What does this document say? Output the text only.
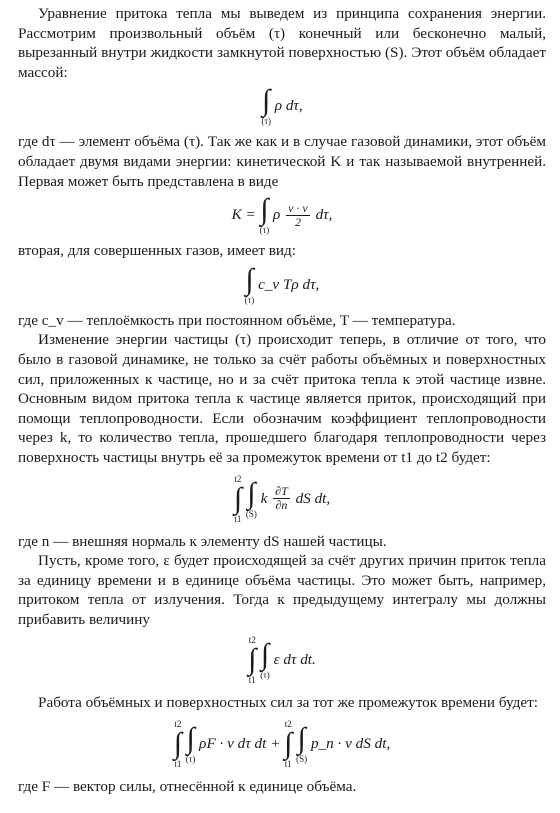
Уравнение притока тепла мы выведем из принципа сохранения энергии. Рассмотрим произвольный объём (τ) конечный или бесконечно малый, вырезанный внутри жидкости замкнутой поверхностью (S). Этот объём обладает массой:

∫
(τ)
ρ dτ,

где dτ — элемент объёма (τ). Так же как и в случае газовой динамики, этот объём обладает двумя видами энергии: кинетической K и так называемой внутренней. Первая может быть представлена в виде

K = ∫
(τ)
ρ $\frac{v \cdot v}{2} d\tau$,

вторая, для совершенных газов, имеет вид:

∫
(τ)
c_v Tρ dτ,

где c_v — теплоёмкость при постоянном объёме, T — температура.

Изменение энергии частицы (τ) происходит теперь, в отличие от того, что было в газовой динамике, не только за счёт работы объёмных и поверхностных сил, приложенных к частице, но и за счёт притока тепла к этой частице извне. Основным видом притока тепла к частице является приток, происходящий при помощи теплопроводности. Если обозначим коэффициент теплопроводности через k, то количество тепла, прошедшего благодаря теплопроводности через поверхность частицы внутрь её за промежуток времени от t1 до t2 будет:

t2
∫
t1

∫
(S)
k $\frac{\partial T}{\partial n}$ dS dt,

где n — внешняя нормаль к элементу dS нашей частицы.

Пусть, кроме того, ε будет происходящей за счёт других причин приток тепла за единицу времени и в единице объёма частицы. Это может быть, например, притоком тепла от излучения. Тогда к предыдущему интегралу мы должны прибавить величину

t2
∫
t1

∫
(τ)
ε dτ dt.

Работа объёмных и поверхностных сил за тот же промежуток времени будет:

t2
∫
t1

∫
(τ)
ρF · v dτ dt +
t2
∫
t1

∫
(S)
p_n · v dS dt,

где F — вектор силы, отнесённой к единице объёма.
